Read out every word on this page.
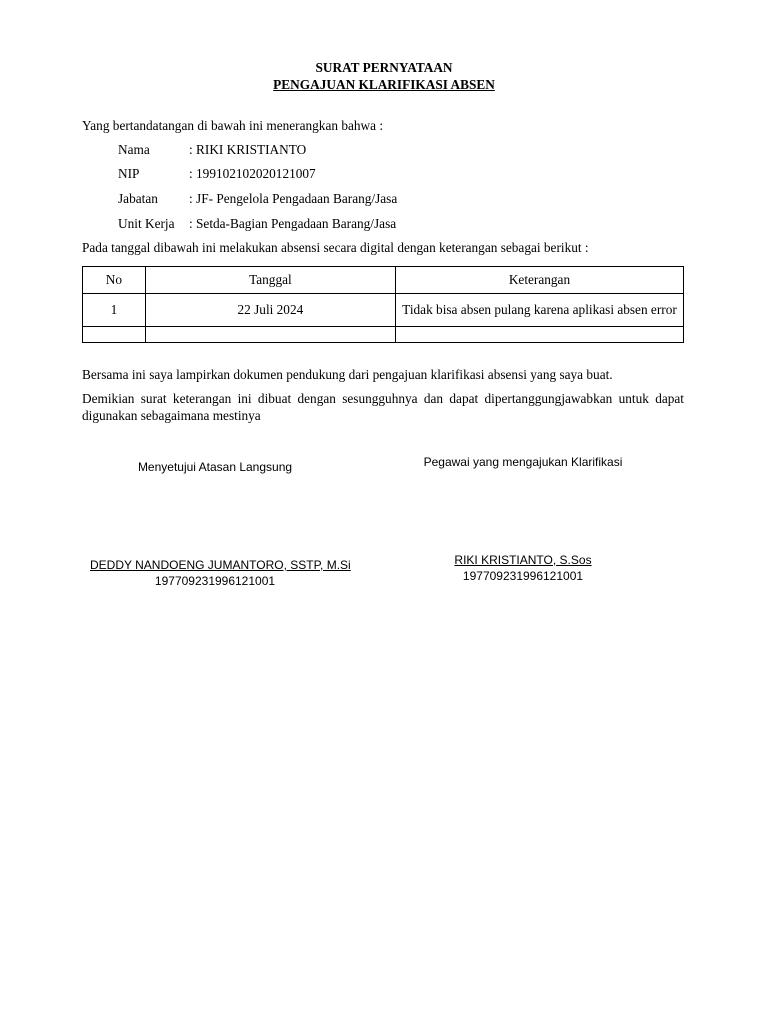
SURAT PERNYATAAN
PENGAJUAN KLARIFIKASI ABSEN
Yang bertandatangan di bawah ini menerangkan bahwa :
Nama	: RIKI KRISTIANTO
NIP	: 199102102020121007
Jabatan : JF- Pengelola Pengadaan Barang/Jasa
Unit Kerja : Setda-Bagian Pengadaan Barang/Jasa
Pada tanggal dibawah ini melakukan absensi secara digital dengan keterangan sebagai berikut :
No	Tanggal	Keterangan
1	22 Juli 2024	Tidak bisa absen pulang karena aplikasi absen error

Bersama ini saya lampirkan dokumen pendukung dari pengajuan klarifikasi absensi yang saya buat.
Demikian surat keterangan ini dibuat dengan sesungguhnya dan dapat dipertanggungjawabkan untuk dapat digunakan sebagaimana mestinya
Menyetujui Atasan Langsung
DEDDY NANDOENG JUMANTORO, SSTP, M.Si
197709231996121001
Pegawai yang mengajukan Klarifikasi
RIKI KRISTIANTO, S.Sos
197709231996121001
